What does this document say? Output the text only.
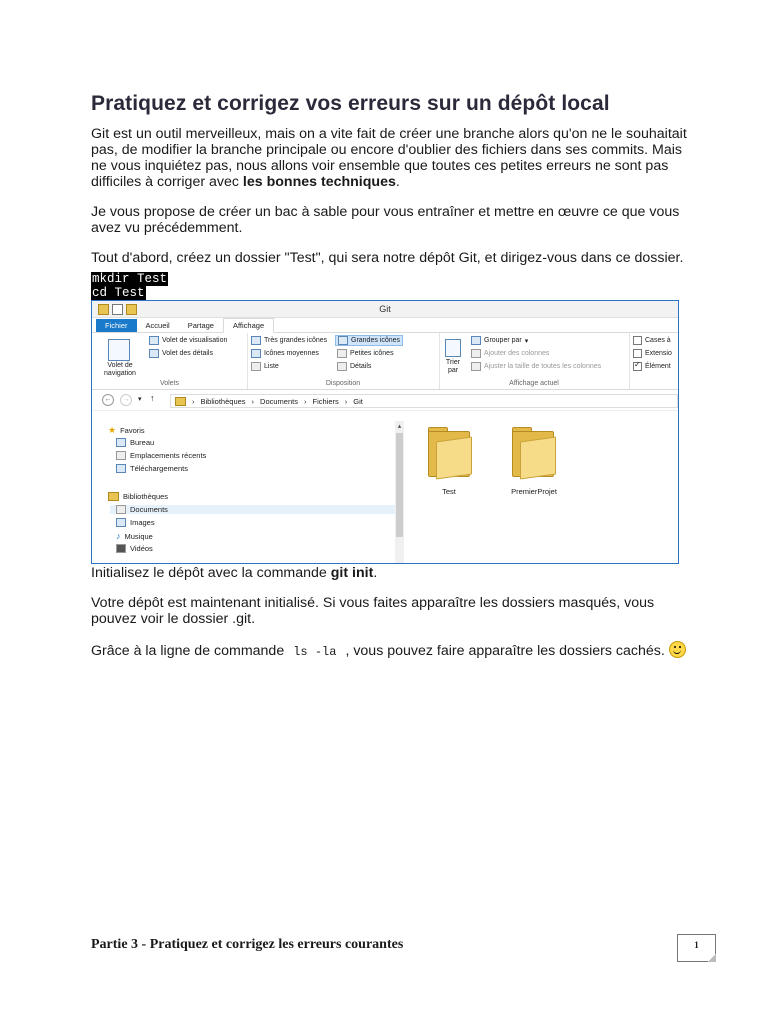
Pratiquez et corrigez vos erreurs sur un dépôt local

Git est un outil merveilleux, mais on a vite fait de créer une branche alors qu'on ne le souhaitait pas, de modifier la branche principale ou encore d'oublier des fichiers dans ses commits. Mais ne vous inquiétez pas, nous allons voir ensemble que toutes ces petites erreurs ne sont pas difficiles à corriger avec les bonnes techniques.

Je vous propose de créer un bac à sable pour vous entraîner et mettre en œuvre ce que vous avez vu précédemment.

Tout d'abord, créez un dossier "Test", qui sera notre dépôt Git, et dirigez-vous dans ce dossier.

mkdir Test
cd Test
Git
Fichier	Accueil	Partage	Affichage
Volet de navigation
Volet de visualisation
Volet des détails
Volets
Très grandes icônes	Grandes icônes
Icônes moyennes	Petites icônes
Liste	Détails
Disposition
Trier par
Grouper par ▾
Ajouter des colonnes
Ajuster la taille de toutes les colonnes
Affichage actuel
Cases à
Extensio
✓
Élément
←	→	▾ ↑	› Bibliothèques › Documents › Fichiers › Git
★ Favoris
Bureau
Emplacements récents
Téléchargements
Bibliothèques
Documents
Images
♪ Musique
Vidéos
▴
Test	PremierProjet

Initialisez le dépôt avec la commande git init.

Votre dépôt est maintenant initialisé. Si vous faites apparaître les dossiers masqués, vous pouvez voir le dossier .git.

Grâce à la ligne de commande ls -la , vous pouvez faire apparaître les dossiers cachés.

Partie 3 - Pratiquez et corrigez les erreurs courantes	1
